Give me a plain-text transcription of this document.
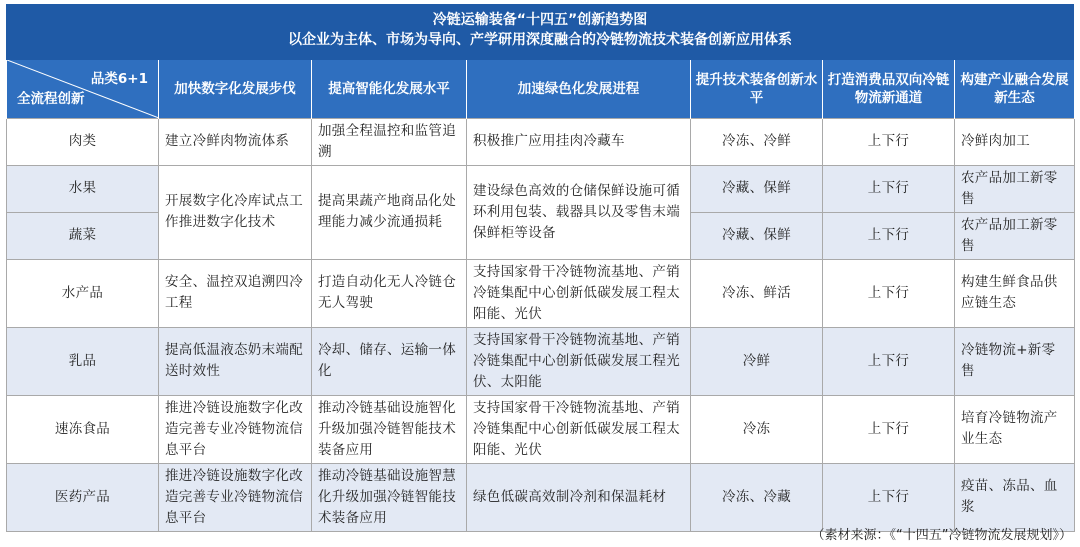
冷链运输装备“十四五”创新趋势图
以企业为主体、市场为导向、产学研用深度融合的冷链物流技术装备创新应用体系
品类6+1
全流程创新	加快数字化发展步伐	提高智能化发展水平	加速绿色化发展进程	提升技术装备创新水平	打造消费品双向冷链物流新通道	构建产业融合发展新生态
肉类	建立冷鲜肉物流体系	加强全程温控和监管追溯	积极推广应用挂肉冷藏车	冷冻、冷鲜	上下行	冷鲜肉加工
水果	开展数字化冷库试点工作推进数字化技术	提高果蔬产地商品化处理能力减少流通损耗	建设绿色高效的仓储保鲜设施可循环利用包装、载器具以及零售末端保鲜柜等设备	冷藏、保鲜	上下行	农产品加工新零售
蔬菜				冷藏、保鲜	上下行	农产品加工新零售
水产品	安全、温控双追溯四冷工程	打造自动化无人冷链仓无人驾驶	支持国家骨干冷链物流基地、产销冷链集配中心创新低碳发展工程太阳能、光伏	冷冻、鲜活	上下行	构建生鲜食品供应链生态
乳品	提高低温液态奶末端配送时效性	冷却、储存、运输一体化	支持国家骨干冷链物流基地、产销冷链集配中心创新低碳发展工程光伏、太阳能	冷鲜	上下行	冷链物流+新零售
速冻食品	推进冷链设施数字化改造完善专业冷链物流信息平台	推动冷链基础设施智化升级加强冷链智能技术装备应用	支持国家骨干冷链物流基地、产销冷链集配中心创新低碳发展工程太阳能、光伏	冷冻	上下行	培育冷链物流产业生态
医药产品	推进冷链设施数字化改造完善专业冷链物流信息平台	推动冷链基础设施智慧化升级加强冷链智能技术装备应用	绿色低碳高效制冷剂和保温耗材	冷冻、冷藏	上下行	疫苗、冻品、血浆
（素材来源：《“十四五”冷链物流发展规划》）
